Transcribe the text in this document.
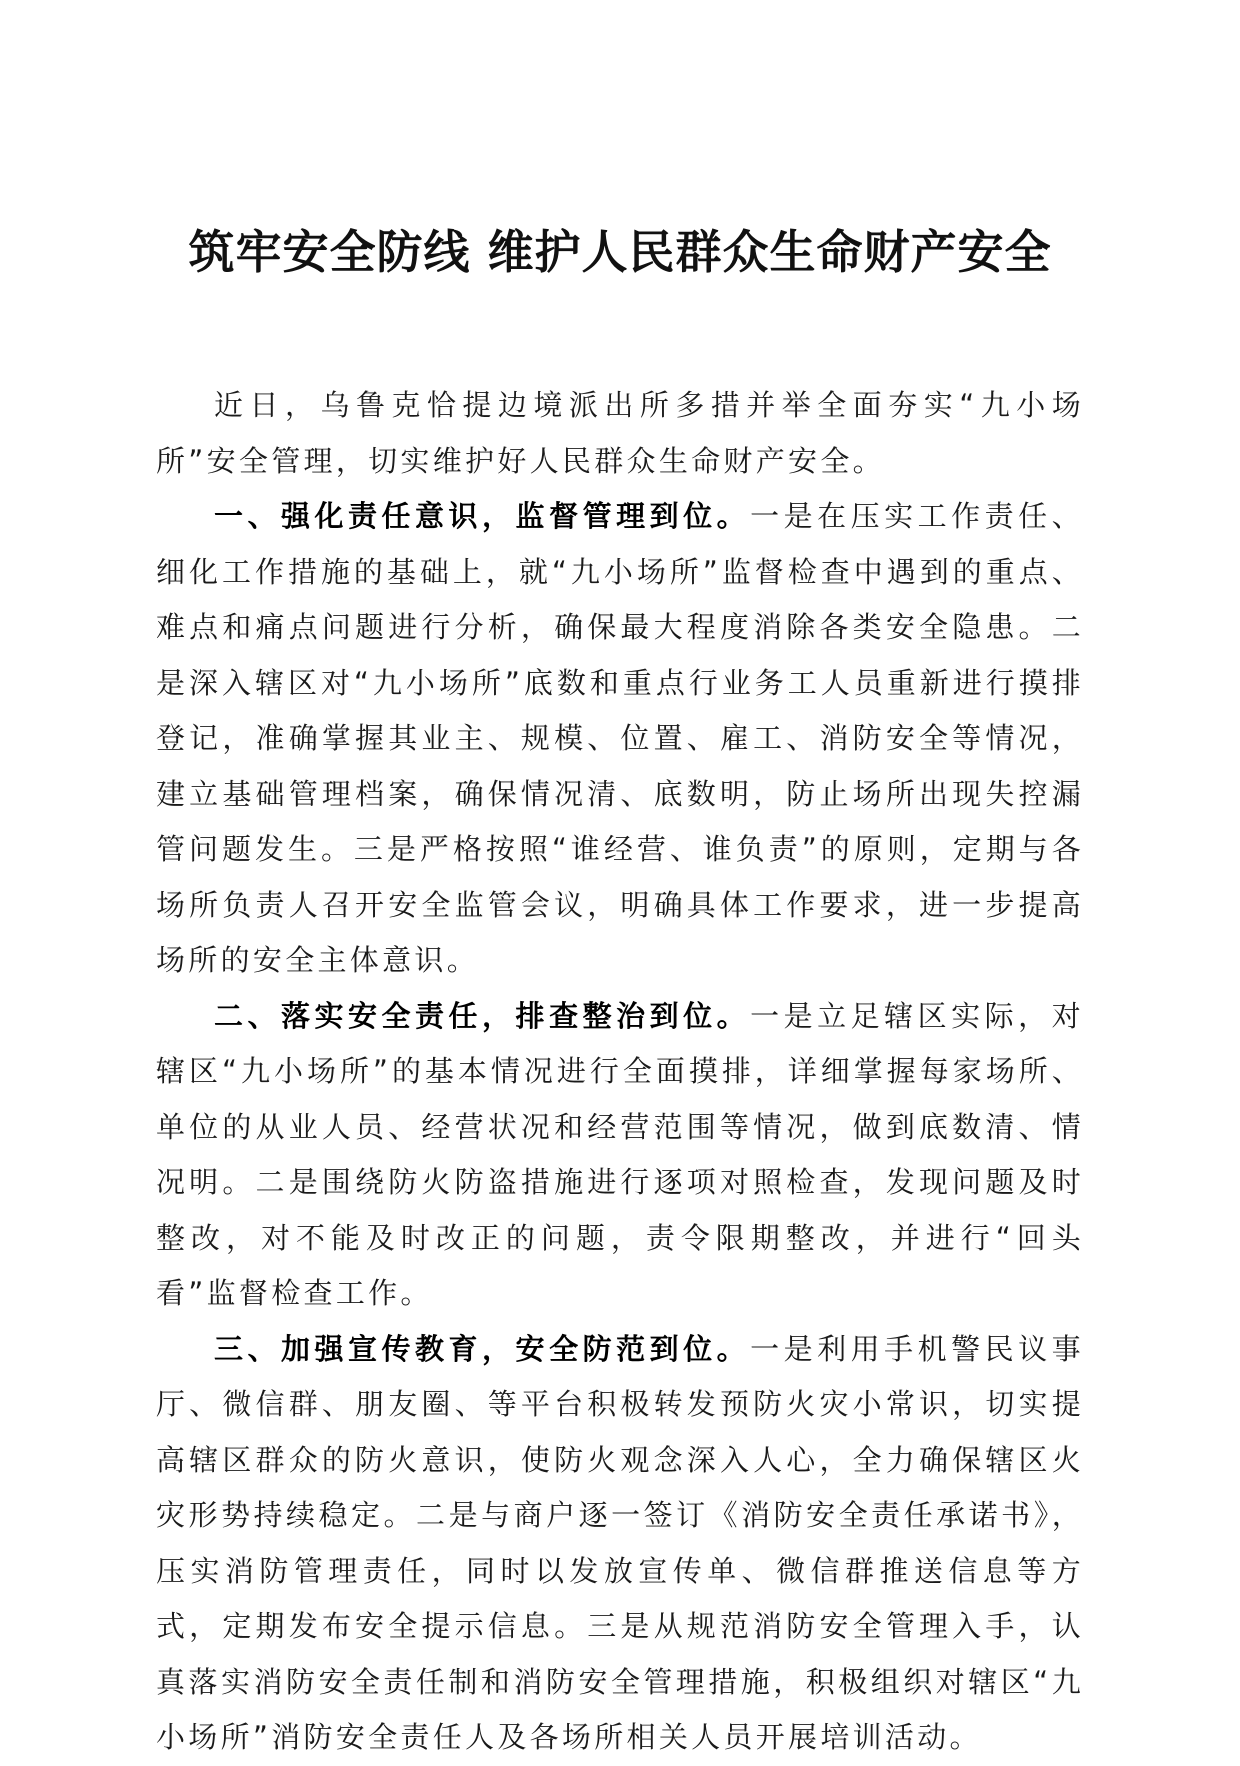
筑牢安全防线 维护人民群众生命财产安全

近日，乌鲁克恰提边境派出所多措并举全面夯实“九小场所”安全管理，切实维护好人民群众生命财产安全。

一、强化责任意识，监督管理到位。一是在压实工作责任、细化工作措施的基础上，就“九小场所”监督检查中遇到的重点、难点和痛点问题进行分析，确保最大程度消除各类安全隐患。二是深入辖区对“九小场所”底数和重点行业务工人员重新进行摸排登记，准确掌握其业主、规模、位置、雇工、消防安全等情况，建立基础管理档案，确保情况清、底数明，防止场所出现失控漏管问题发生。三是严格按照“谁经营、谁负责”的原则，定期与各场所负责人召开安全监管会议，明确具体工作要求，进一步提高场所的安全主体意识。

二、落实安全责任，排查整治到位。一是立足辖区实际，对辖区“九小场所”的基本情况进行全面摸排，详细掌握每家场所、单位的从业人员、经营状况和经营范围等情况，做到底数清、情况明。二是围绕防火防盗措施进行逐项对照检查，发现问题及时整改，对不能及时改正的问题，责令限期整改，并进行“回头看”监督检查工作。

三、加强宣传教育，安全防范到位。一是利用手机警民议事厅、微信群、朋友圈、等平台积极转发预防火灾小常识，切实提高辖区群众的防火意识，使防火观念深入人心，全力确保辖区火灾形势持续稳定。二是与商户逐一签订《消防安全责任承诺书》，压实消防管理责任，同时以发放宣传单、微信群推送信息等方式，定期发布安全提示信息。三是从规范消防安全管理入手，认真落实消防安全责任制和消防安全管理措施，积极组织对辖区“九小场所”消防安全责任人及各场所相关人员开展培训活动。
